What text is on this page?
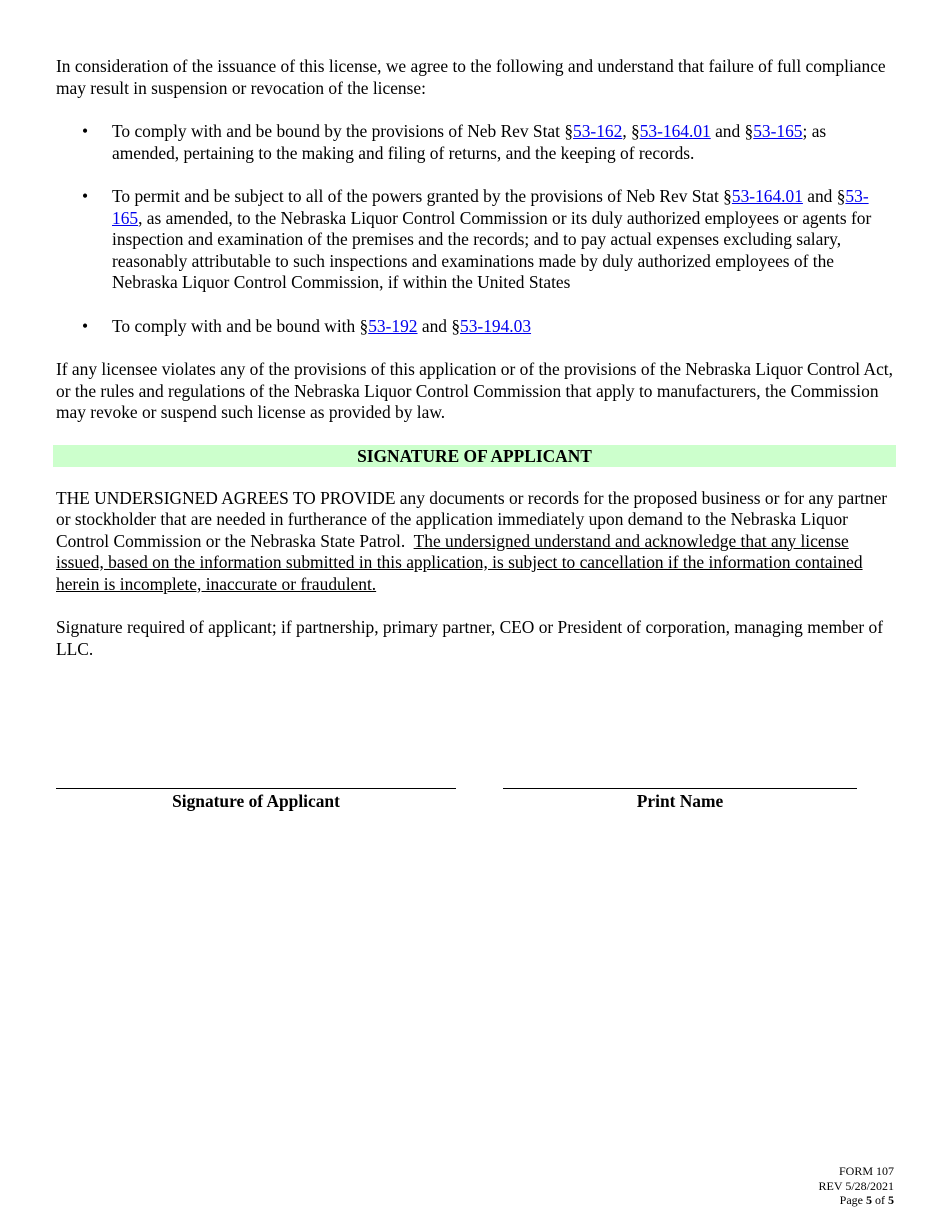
In consideration of the issuance of this license, we agree to the following and understand that failure of full compliance may result in suspension or revocation of the license:

• To comply with and be bound by the provisions of Neb Rev Stat §53-162, §53-164.01 and §53-165; as amended, pertaining to the making and filing of returns, and the keeping of records.
• To permit and be subject to all of the powers granted by the provisions of Neb Rev Stat §53-164.01 and §53-165, as amended, to the Nebraska Liquor Control Commission or its duly authorized employees or agents for inspection and examination of the premises and the records; and to pay actual expenses excluding salary, reasonably attributable to such inspections and examinations made by duly authorized employees of the Nebraska Liquor Control Commission, if within the United States
• To comply with and be bound with §53-192 and §53-194.03

If any licensee violates any of the provisions of this application or of the provisions of the Nebraska Liquor Control Act, or the rules and regulations of the Nebraska Liquor Control Commission that apply to manufacturers, the Commission may revoke or suspend such license as provided by law.

SIGNATURE OF APPLICANT

THE UNDERSIGNED AGREES TO PROVIDE any documents or records for the proposed business or for any partner or stockholder that are needed in furtherance of the application immediately upon demand to the Nebraska Liquor Control Commission or the Nebraska State Patrol. The undersigned understand and acknowledge that any license issued, based on the information submitted in this application, is subject to cancellation if the information contained herein is incomplete, inaccurate or fraudulent.

Signature required of applicant; if partnership, primary partner, CEO or President of corporation, managing member of LLC.

Signature of Applicant	Print Name
FORM 107
REV 5/28/2021
Page 5 of 5
